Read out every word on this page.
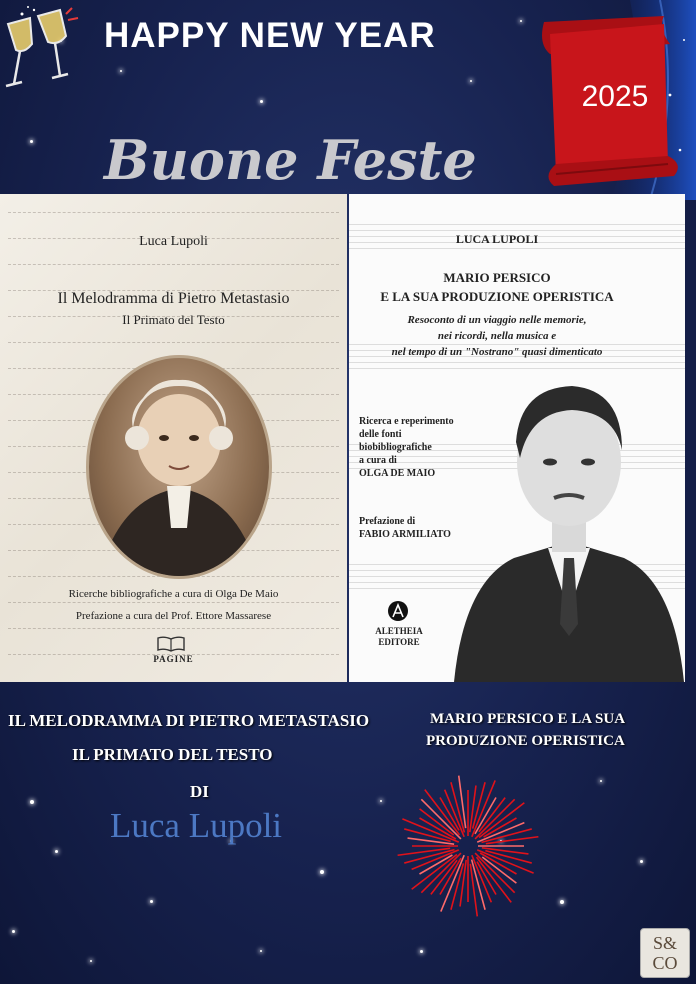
HAPPY NEW YEAR
2025
Buone Feste
Luca Lupoli
Il Melodramma di Pietro Metastasio
Il Primato del Testo
Ricerche bibliografiche a cura di Olga De Maio
Prefazione a cura del Prof. Ettore Massarese
PAGINE
LUCA LUPOLI
MARIO PERSICO
E LA SUA PRODUZIONE OPERISTICA
Resoconto di un viaggio nelle memorie,
nei ricordi, nella musica e
nel tempo di un "Nostrano" quasi dimenticato
Ricerca e reperimento
delle fonti
biobibliografiche
a cura di
OLGA DE MAIO
Prefazione di
FABIO ARMILIATO
ALETHEIA
EDITORE

IL MELODRAMMA DI PIETRO METASTASIO

IL PRIMATO DEL TESTO

DI

Luca Lupoli

MARIO PERSICO E LA SUA

PRODUZIONE OPERISTICA

S&
CO
